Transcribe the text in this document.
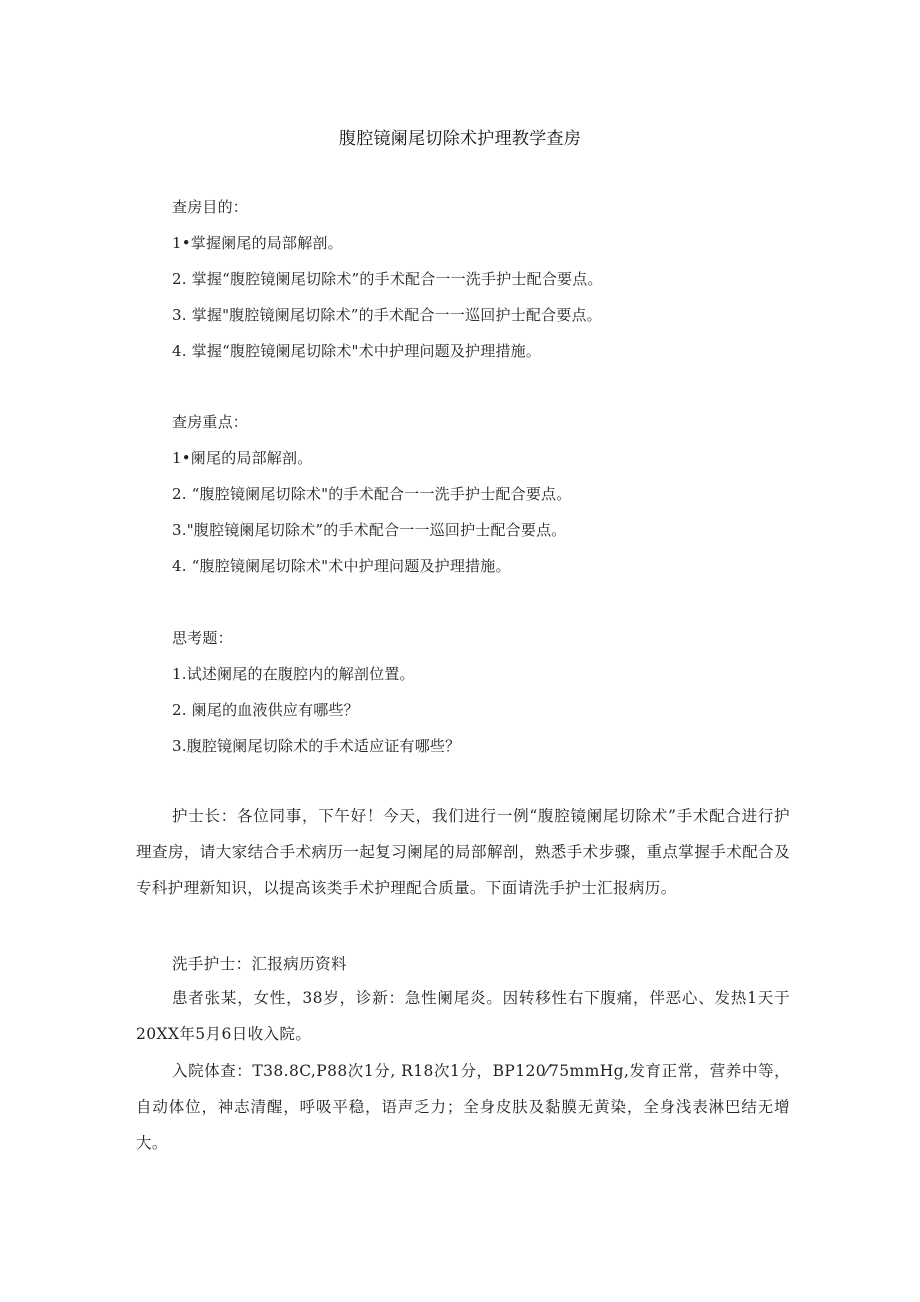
腹腔镜阑尾切除术护理教学查房
查房目的：
1•掌握阑尾的局部解剖。
2. 掌握“腹腔镜阑尾切除术”的手术配合一一洗手护士配合要点。
3. 掌握"腹腔镜阑尾切除术”的手术配合一一巡回护士配合要点。
4. 掌握“腹腔镜阑尾切除术"术中护理问题及护理措施。
查房重点：
1•阑尾的局部解剖。
2. “腹腔镜阑尾切除术"的手术配合一一洗手护士配合要点。
3."腹腔镜阑尾切除术”的手术配合一一巡回护士配合要点。
4. “腹腔镜阑尾切除术"术中护理问题及护理措施。
思考题：
1.试述阑尾的在腹腔内的解剖位置。
2. 阑尾的血液供应有哪些？
3.腹腔镜阑尾切除术的手术适应证有哪些？
护士长：各位同事，下午好！今天，我们进行一例“腹腔镜阑尾切除术”手术配合进行护理查房，请大家结合手术病历一起复习阑尾的局部解剖，熟悉手术步骤，重点掌握手术配合及专科护理新知识，以提高该类手术护理配合质量。下面请洗手护士汇报病历。
洗手护士：汇报病历资料
患者张某，女性，38岁，诊新：急性阑尾炎。因转移性右下腹痛，伴恶心、发热1天于20XX年5月6日收入院。
入院体查：T38.8C,P88次1分, R18次1分，BP120⁄75mmHg,发育正常，营养中等，自动体位，神志清醒，呼吸平稳，语声乏力；全身皮肤及黏膜无黄染，全身浅表淋巴结无增大。
